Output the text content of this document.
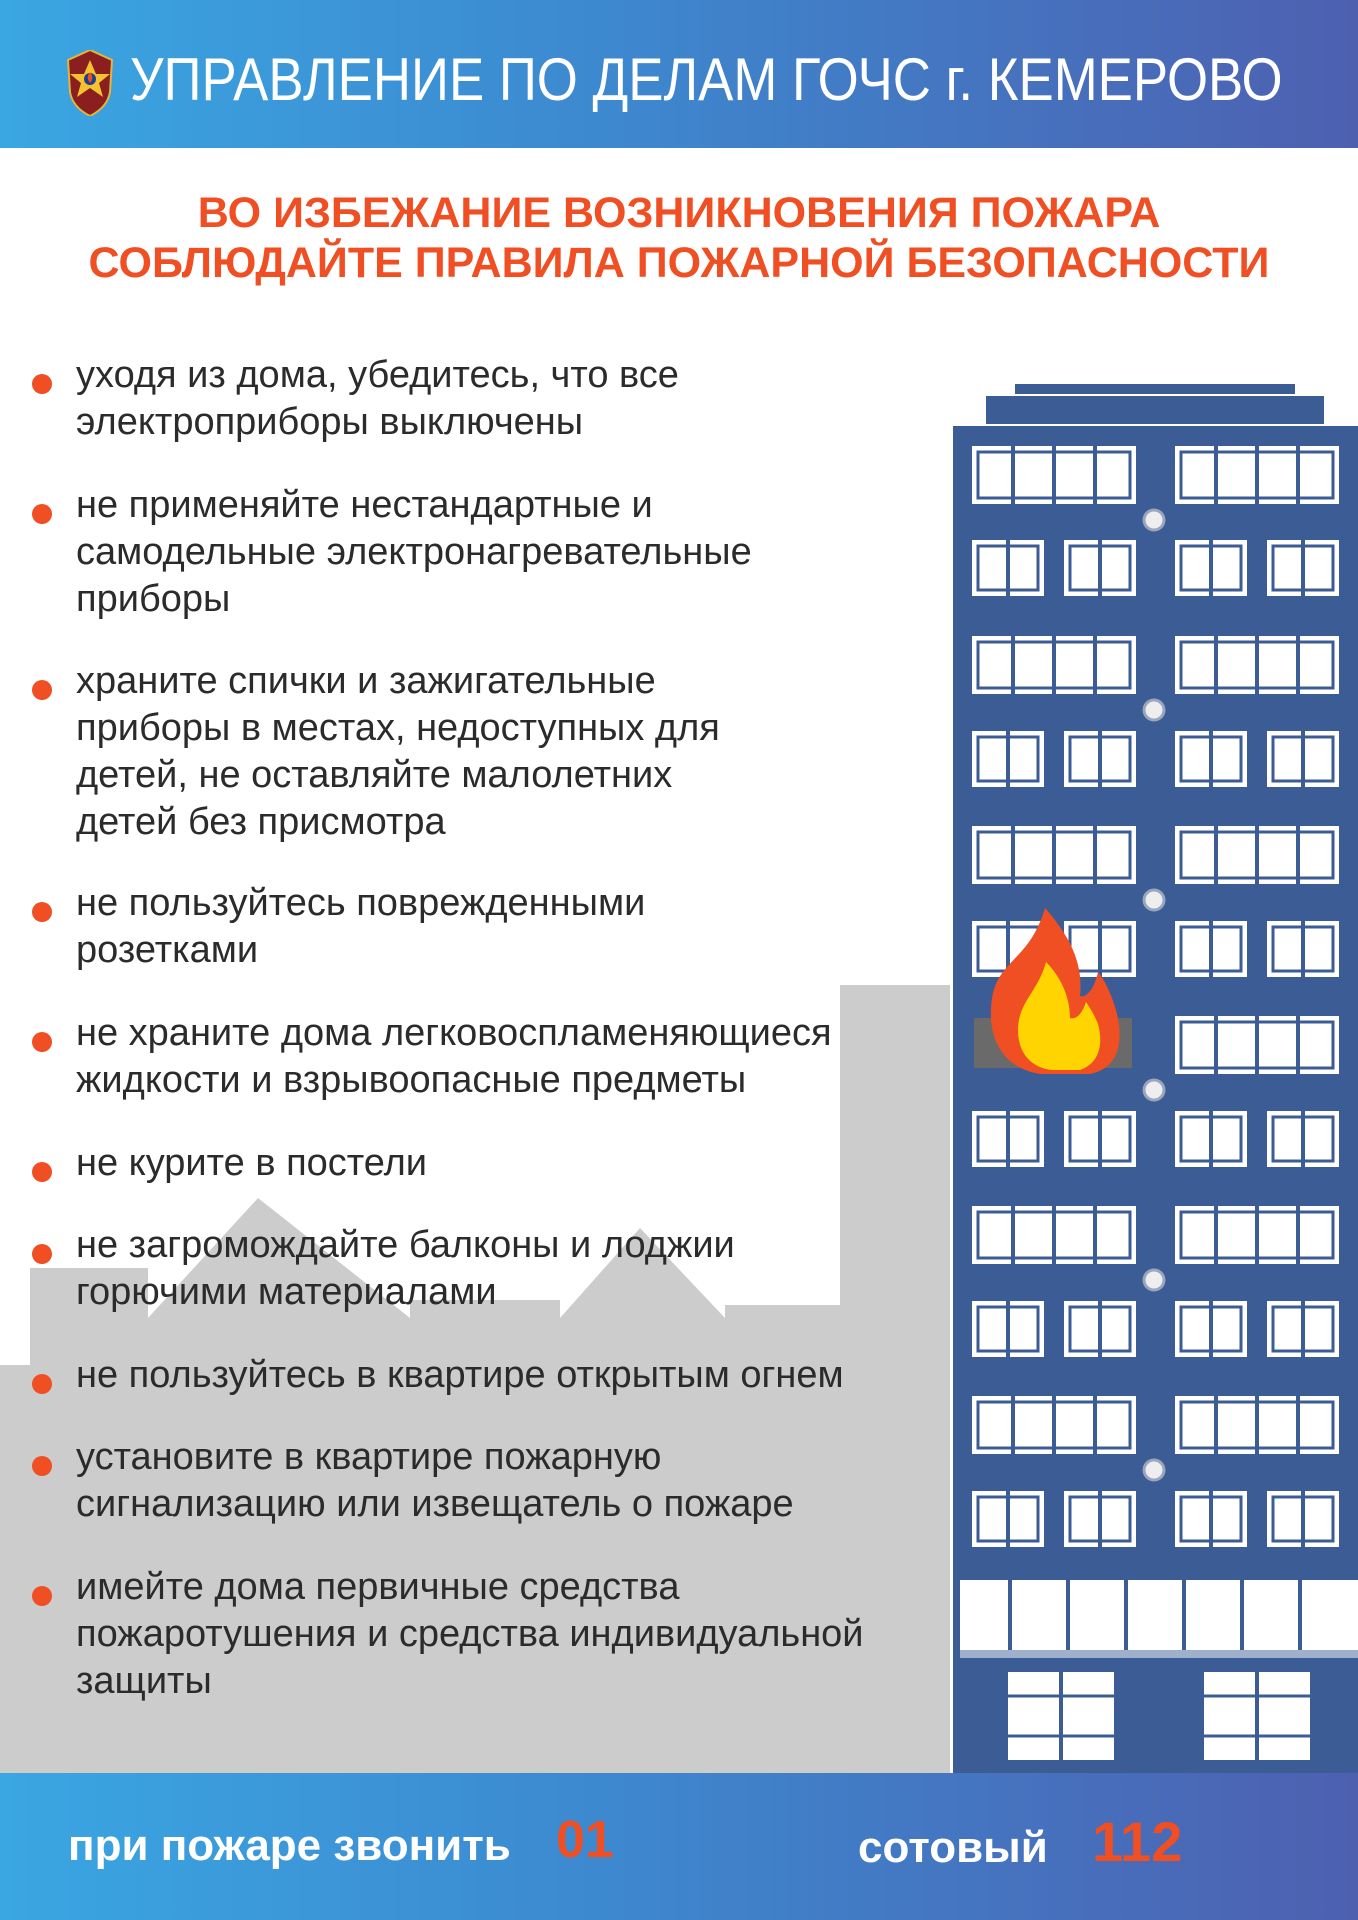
УПРАВЛЕНИЕ ПО ДЕЛАМ ГОЧС г. КЕМЕРОВО
ВО ИЗБЕЖАНИЕ ВОЗНИКНОВЕНИЯ ПОЖАРА
СОБЛЮДАЙТЕ ПРАВИЛА ПОЖАРНОЙ БЕЗОПАСНОСТИ
уходя из дома, убедитесь, что все
электроприборы выключены
не применяйте нестандартные и
самодельные электронагревательные
приборы
храните спички и зажигательные
приборы в местах, недоступных для
детей, не оставляйте малолетних
детей без присмотра
не пользуйтесь поврежденными
розетками
не храните дома легковоспламеняющиеся
жидкости и взрывоопасные предметы
не курите в постели
не загромождайте балконы и лоджии
горючими материалами
не пользуйтесь в квартире открытым огнем
установите в квартире пожарную
сигнализацию или извещатель о пожаре
имейте дома первичные средства
пожаротушения и средства индивидуальной
защиты
при пожаре звонить 01	сотовый 112
